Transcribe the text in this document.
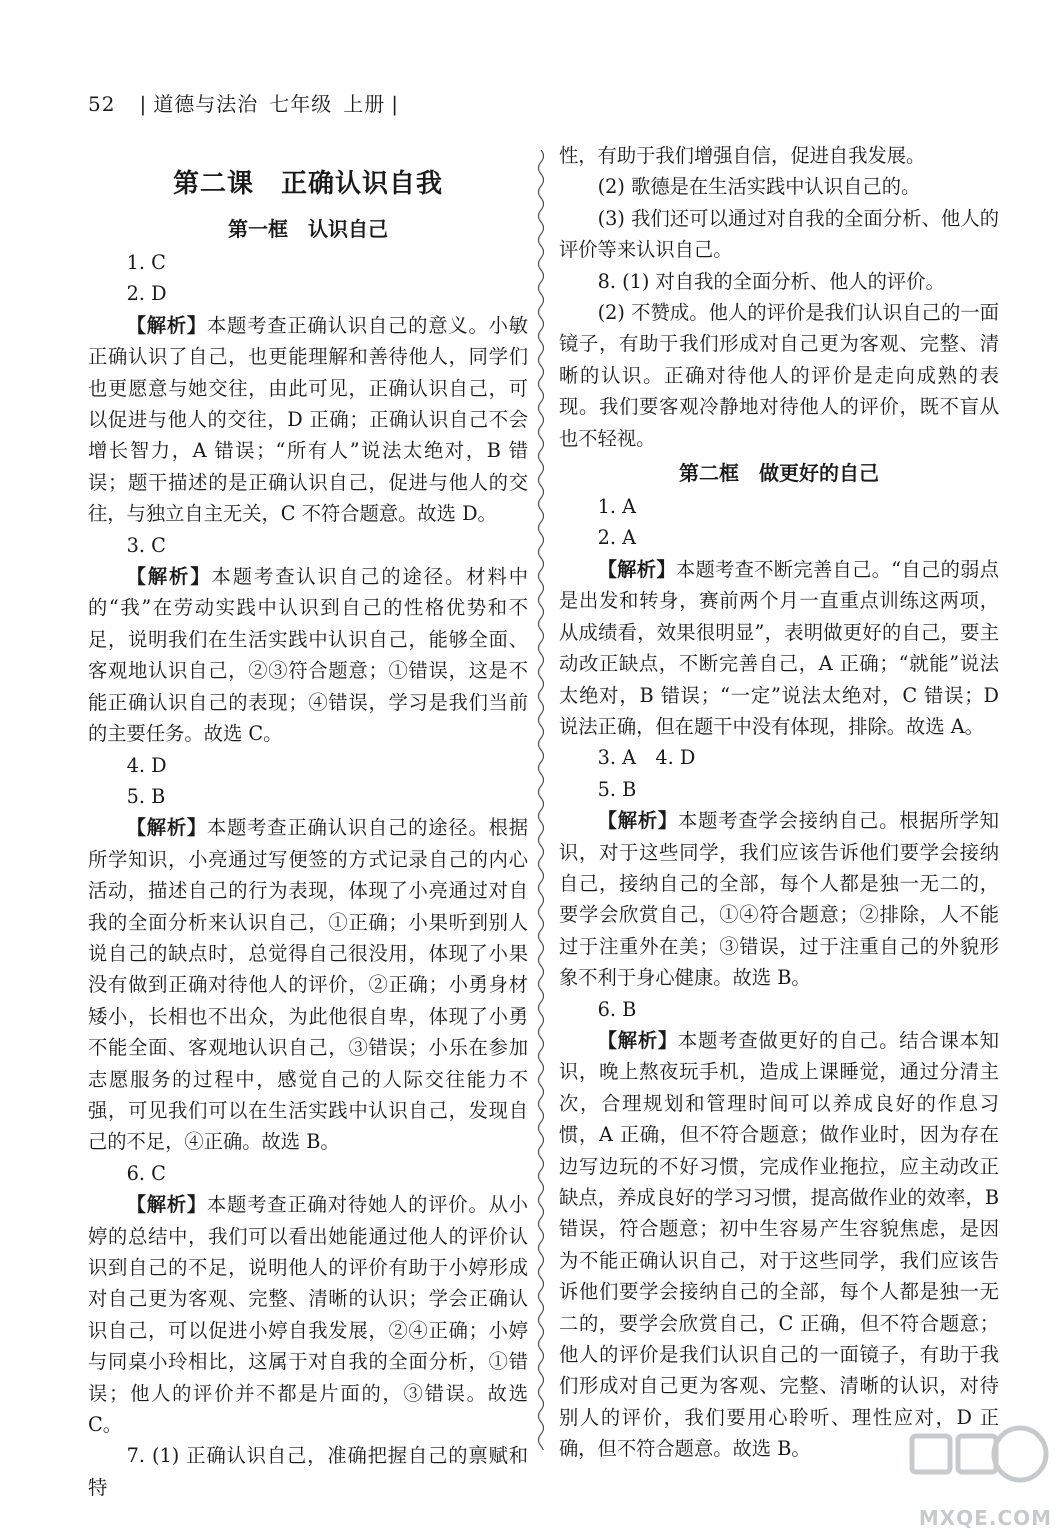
52 | 道德与法治  七年级  上册 |
第二课　正确认识自我
第一框　认识自己

1. C

2. D

【解析】本题考查正确认识自己的意义。小敏正确认识了自己，也更能理解和善待他人，同学们也更愿意与她交往，由此可见，正确认识自己，可以促进与他人的交往，D 正确；正确认识自己不会增长智力，A 错误；“所有人”说法太绝对，B 错误；题干描述的是正确认识自己，促进与他人的交往，与独立自主无关，C 不符合题意。故选 D。

3. C

【解析】本题考查认识自己的途径。材料中的“我”在劳动实践中认识到自己的性格优势和不足，说明我们在生活实践中认识自己，能够全面、客观地认识自己，②③符合题意；①错误，这是不能正确认识自己的表现；④错误，学习是我们当前的主要任务。故选 C。

4. D

5. B

【解析】本题考查正确认识自己的途径。根据所学知识，小亮通过写便签的方式记录自己的内心活动，描述自己的行为表现，体现了小亮通过对自我的全面分析来认识自己，①正确；小果听到别人说自己的缺点时，总觉得自己很没用，体现了小果没有做到正确对待他人的评价，②正确；小勇身材矮小，长相也不出众，为此他很自卑，体现了小勇不能全面、客观地认识自己，③错误；小乐在参加志愿服务的过程中，感觉自己的人际交往能力不强，可见我们可以在生活实践中认识自己，发现自己的不足，④正确。故选 B。

6. C

【解析】本题考查正确对待她人的评价。从小婷的总结中，我们可以看出她能通过他人的评价认识到自己的不足，说明他人的评价有助于小婷形成对自己更为客观、完整、清晰的认识；学会正确认识自己，可以促进小婷自我发展，②④正确；小婷与同桌小玲相比，这属于对自我的全面分析，①错误；他人的评价并不都是片面的，③错误。故选 C。

7. (1) 正确认识自己，准确把握自己的禀赋和特

性，有助于我们增强自信，促进自我发展。

(2) 歌德是在生活实践中认识自己的。

(3) 我们还可以通过对自我的全面分析、他人的评价等来认识自己。

8. (1) 对自我的全面分析、他人的评价。

(2) 不赞成。他人的评价是我们认识自己的一面镜子，有助于我们形成对自己更为客观、完整、清晰的认识。正确对待他人的评价是走向成熟的表现。我们要客观冷静地对待他人的评价，既不盲从也不轻视。

第二框　做更好的自己

1. A

2. A

【解析】本题考查不断完善自己。“自己的弱点是出发和转身，赛前两个月一直重点训练这两项，从成绩看，效果很明显”，表明做更好的自己，要主动改正缺点，不断完善自己，A 正确；“就能”说法太绝对，B 错误；“一定”说法太绝对，C 错误；D 说法正确，但在题干中没有体现，排除。故选 A。

3. A　4. D

5. B

【解析】本题考查学会接纳自己。根据所学知识，对于这些同学，我们应该告诉他们要学会接纳自己，接纳自己的全部，每个人都是独一无二的，要学会欣赏自己，①④符合题意；②排除，人不能过于注重外在美；③错误，过于注重自己的外貌形象不利于身心健康。故选 B。

6. B

【解析】本题考查做更好的自己。结合课本知识，晚上熬夜玩手机，造成上课睡觉，通过分清主次，合理规划和管理时间可以养成良好的作息习惯，A 正确，但不符合题意；做作业时，因为存在边写边玩的不好习惯，完成作业拖拉，应主动改正缺点，养成良好的学习习惯，提高做作业的效率，B 错误，符合题意；初中生容易产生容貌焦虑，是因为不能正确认识自己，对于这些同学，我们应该告诉他们要学会接纳自己的全部，每个人都是独一无二的，要学会欣赏自己，C 正确，但不符合题意；他人的评价是我们认识自己的一面镜子，有助于我们形成对自己更为客观、完整、清晰的认识，对待别人的评价，我们要用心聆听、理性应对，D 正确，但不符合题意。故选 B。

MXQE.COM
